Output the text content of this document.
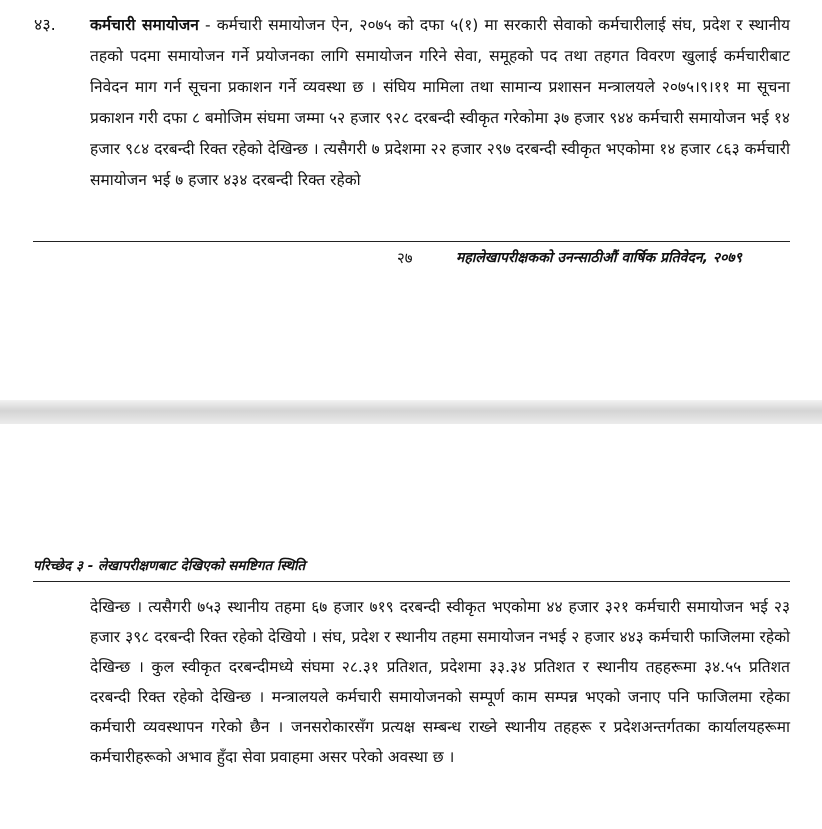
४३. कर्मचारी समायोजन - कर्मचारी समायोजन ऐन, २०७५ को दफा ५(१) मा सरकारी सेवाको कर्मचारीलाई संघ, प्रदेश र स्थानीय तहको पदमा समायोजन गर्ने प्रयोजनका लागि समायोजन गरिने सेवा, समूहको पद तथा तहगत विवरण खुलाई कर्मचारीबाट निवेदन माग गर्न सूचना प्रकाशन गर्ने व्यवस्था छ । संघिय मामिला तथा सामान्य प्रशासन मन्त्रालयले २०७५।९।११ मा सूचना प्रकाशन गरी दफा ८ बमोजिम संघमा जम्मा ५२ हजार ९२८ दरबन्दी स्वीकृत गरेकोमा ३७ हजार ९४४ कर्मचारी समायोजन भई १४ हजार ९८४ दरबन्दी रिक्त रहेको देखिन्छ । त्यसैगरी ७ प्रदेशमा २२ हजार २९७ दरबन्दी स्वीकृत भएकोमा १४ हजार ८६३ कर्मचारी समायोजन भई ७ हजार ४३४ दरबन्दी रिक्त रहेको
२७	महालेखापरीक्षकको उनन्साठीऔं वार्षिक प्रतिवेदन, २०७९
परिच्छेद ३ - लेखापरीक्षणबाट देखिएको समष्टिगत स्थिति
देखिन्छ । त्यसैगरी ७५३ स्थानीय तहमा ६७ हजार ७१९ दरबन्दी स्वीकृत भएकोमा ४४ हजार ३२१ कर्मचारी समायोजन भई २३ हजार ३९८ दरबन्दी रिक्त रहेको देखियो । संघ, प्रदेश र स्थानीय तहमा समायोजन नभई २ हजार ४४३ कर्मचारी फाजिलमा रहेको देखिन्छ । कुल स्वीकृत दरबन्दीमध्ये संघमा २८.३१ प्रतिशत, प्रदेशमा ३३.३४ प्रतिशत र स्थानीय तहहरूमा ३४.५५ प्रतिशत दरबन्दी रिक्त रहेको देखिन्छ । मन्त्रालयले कर्मचारी समायोजनको सम्पूर्ण काम सम्पन्न भएको जनाए पनि फाजिलमा रहेका कर्मचारी व्यवस्थापन गरेको छैन । जनसरोकारसँग प्रत्यक्ष सम्बन्ध राख्ने स्थानीय तहहरू र प्रदेशअन्तर्गतका कार्यालयहरूमा कर्मचारीहरूको अभाव हुँदा सेवा प्रवाहमा असर परेको अवस्था छ ।
